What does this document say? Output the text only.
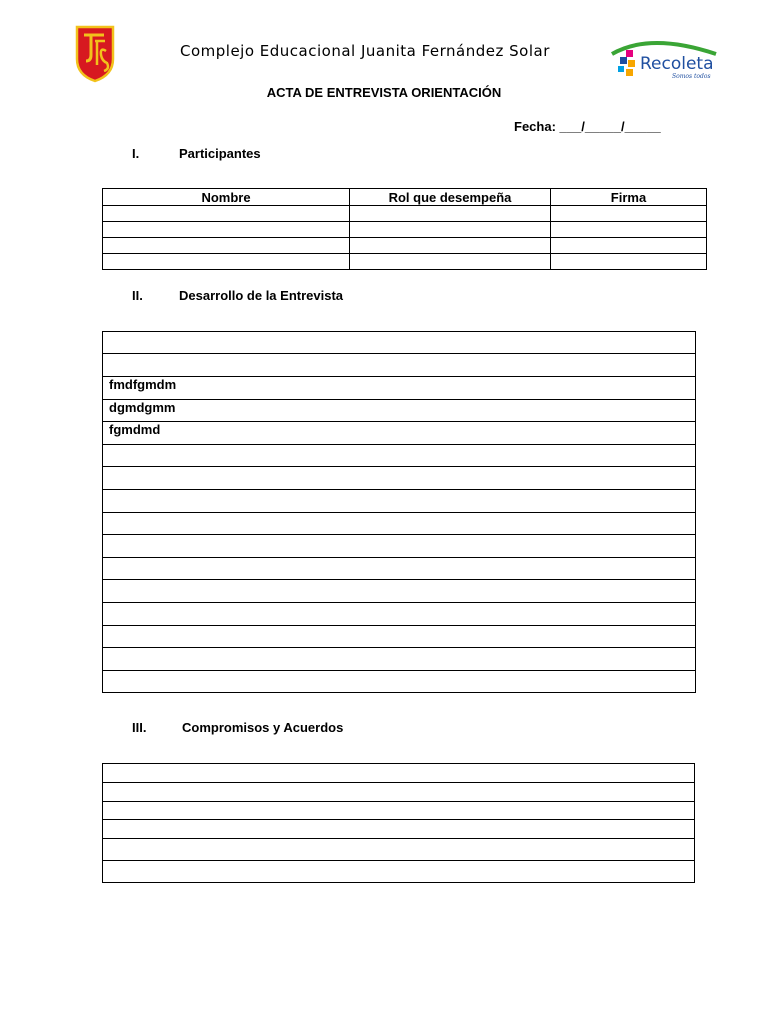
Complejo Educacional Juanita Fernández Solar
Recoleta
Somos todos
ACTA DE ENTREVISTA ORIENTACIÓN
Fecha: ___/_____/_____
I.	Participantes
Nombre	Rol que desempeña	Firma

II.	Desarrollo de la Entrevista
fmdfgmdm
dgmdgmm
fgmdmd
III.	Compromisos y Acuerdos
